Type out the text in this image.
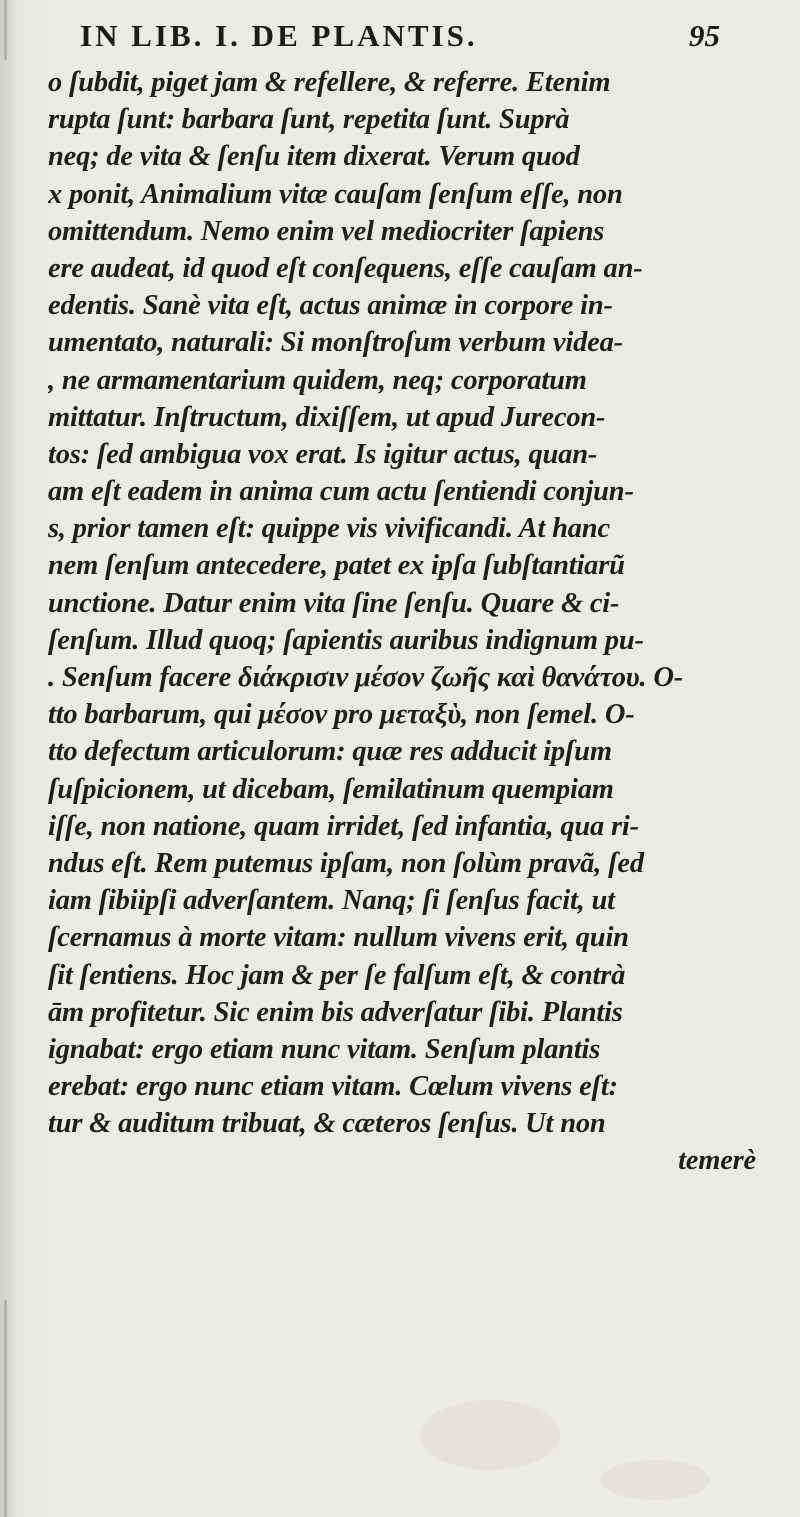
IN LIB. I. DE PLANTIS.	95
o ſubdit, piget jam & refellere, & referre. Etenim
rupta ſunt: barbara ſunt, repetita ſunt. Suprà
neq; de vita & ſenſu item dixerat. Verum quod
x ponit, Animalium vitæ cauſam ſenſum eſſe, non
omittendum. Nemo enim vel mediocriter ſapiens
ere audeat, id quod eſt conſequens, eſſe cauſam an-
edentis. Sanè vita eſt, actus animæ in corpore in-
umentato, naturali: Si monſtroſum verbum videa-
, ne armamentarium quidem, neq; corporatum
mittatur. Inſtructum, dixiſſem, ut apud Jurecon-
tos: ſed ambigua vox erat. Is igitur actus, quan-
am eſt eadem in anima cum actu ſentiendi conjun-
s, prior tamen eſt: quippe vis vivificandi. At hanc
nem ſenſum antecedere, patet ex ipſa ſubſtantiarũ
unctione. Datur enim vita ſine ſenſu. Quare & ci-
ſenſum. Illud quoq; ſapientis auribus indignum pu-
. Senſum facere διάκρισιν μέσον ζωῆς καὶ θανάτου. O-
tto barbarum, qui μέσον pro μεταξὺ, non ſemel. O-
tto defectum articulorum: quæ res adducit ipſum
ſuſpicionem, ut dicebam, ſemilatinum quempiam
iſſe, non natione, quam irridet, ſed infantia, qua ri-
ndus eſt. Rem putemus ipſam, non ſolùm pravã, ſed
iam ſibiipſi adverſantem. Nanq; ſi ſenſus facit, ut
ſcernamus à morte vitam: nullum vivens erit, quin
ſit ſentiens. Hoc jam & per ſe falſum eſt, & contrà
ām profitetur. Sic enim bis adverſatur ſibi. Plantis
ignabat: ergo etiam nunc vitam. Senſum plantis
erebat: ergo nunc etiam vitam. Cœlum vivens eſt:
tur & auditum tribuat, & cæteros ſenſus. Ut non
temerè
